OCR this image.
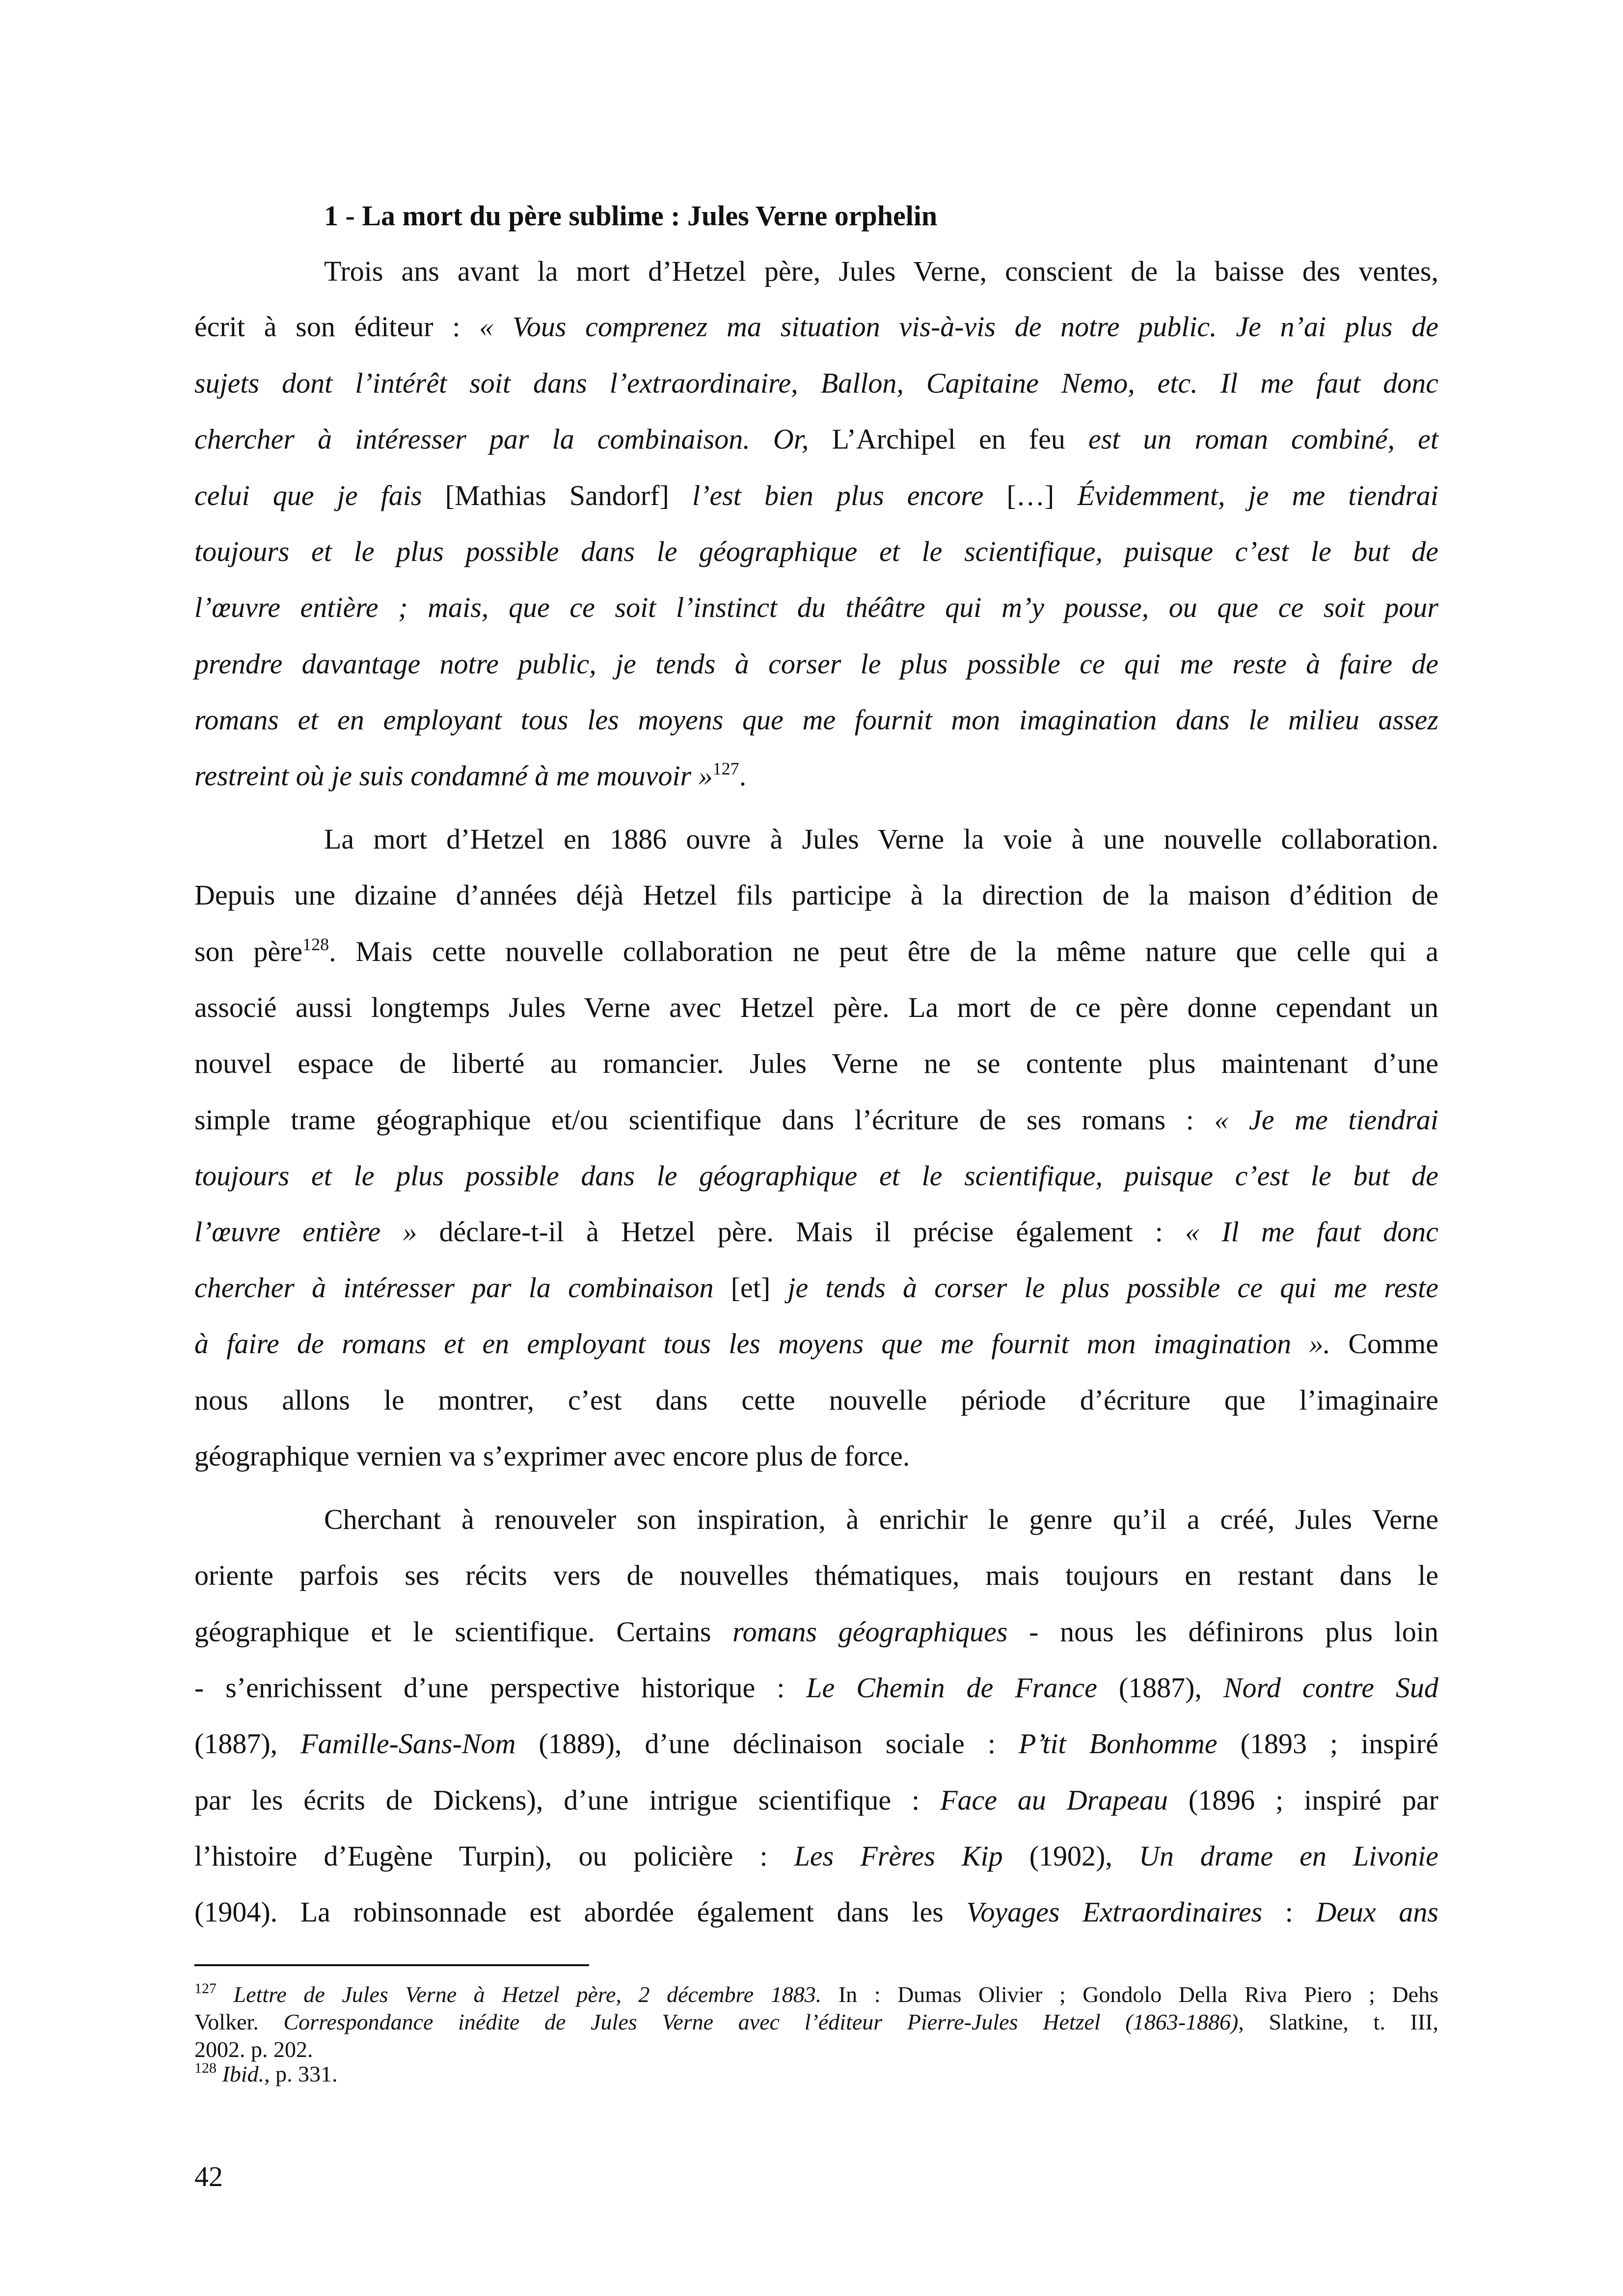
1 - La mort du père sublime : Jules Verne orphelin

Trois ans avant la mort d’Hetzel père, Jules Verne, conscient de la baisse des ventes,

écrit à son éditeur : « Vous comprenez ma situation vis-à-vis de notre public. Je n’ai plus de

sujets dont l’intérêt soit dans l’extraordinaire, Ballon, Capitaine Nemo, etc. Il me faut donc

chercher à intéresser par la combinaison. Or, L’Archipel en feu est un roman combiné, et

celui que je fais [Mathias Sandorf] l’est bien plus encore […] Évidemment, je me tiendrai

toujours et le plus possible dans le géographique et le scientifique, puisque c’est le but de

l’œuvre entière ; mais, que ce soit l’instinct du théâtre qui m’y pousse, ou que ce soit pour

prendre davantage notre public, je tends à corser le plus possible ce qui me reste à faire de

romans et en employant tous les moyens que me fournit mon imagination dans le milieu assez

restreint où je suis condamné à me mouvoir »$^{127}$.

La mort d’Hetzel en 1886 ouvre à Jules Verne la voie à une nouvelle collaboration.

Depuis une dizaine d’années déjà Hetzel fils participe à la direction de la maison d’édition de

son père$^{128}$. Mais cette nouvelle collaboration ne peut être de la même nature que celle qui a

associé aussi longtemps Jules Verne avec Hetzel père. La mort de ce père donne cependant un

nouvel espace de liberté au romancier. Jules Verne ne se contente plus maintenant d’une

simple trame géographique et/ou scientifique dans l’écriture de ses romans : « Je me tiendrai

toujours et le plus possible dans le géographique et le scientifique, puisque c’est le but de

l’œuvre entière » déclare-t-il à Hetzel père. Mais il précise également : « Il me faut donc

chercher à intéresser par la combinaison [et] je tends à corser le plus possible ce qui me reste

à faire de romans et en employant tous les moyens que me fournit mon imagination ». Comme

nous allons le montrer, c’est dans cette nouvelle période d’écriture que l’imaginaire

géographique vernien va s’exprimer avec encore plus de force.

Cherchant à renouveler son inspiration, à enrichir le genre qu’il a créé, Jules Verne

oriente parfois ses récits vers de nouvelles thématiques, mais toujours en restant dans le

géographique et le scientifique. Certains romans géographiques - nous les définirons plus loin

- s’enrichissent d’une perspective historique : Le Chemin de France (1887), Nord contre Sud

(1887), Famille-Sans-Nom (1889), d’une déclinaison sociale : P’tit Bonhomme (1893 ; inspiré

par les écrits de Dickens), d’une intrigue scientifique : Face au Drapeau (1896 ; inspiré par

l’histoire d’Eugène Turpin), ou policière : Les Frères Kip (1902), Un drame en Livonie

(1904). La robinsonnade est abordée également dans les Voyages Extraordinaires : Deux ans

$^{127}$ Lettre de Jules Verne à Hetzel père, 2 décembre 1883. In : Dumas Olivier ; Gondolo Della Riva Piero ; Dehs

Volker. Correspondance inédite de Jules Verne avec l’éditeur Pierre-Jules Hetzel (1863-1886), Slatkine, t. III,

2002. p. 202.

$^{128}$ Ibid., p. 331.

42
